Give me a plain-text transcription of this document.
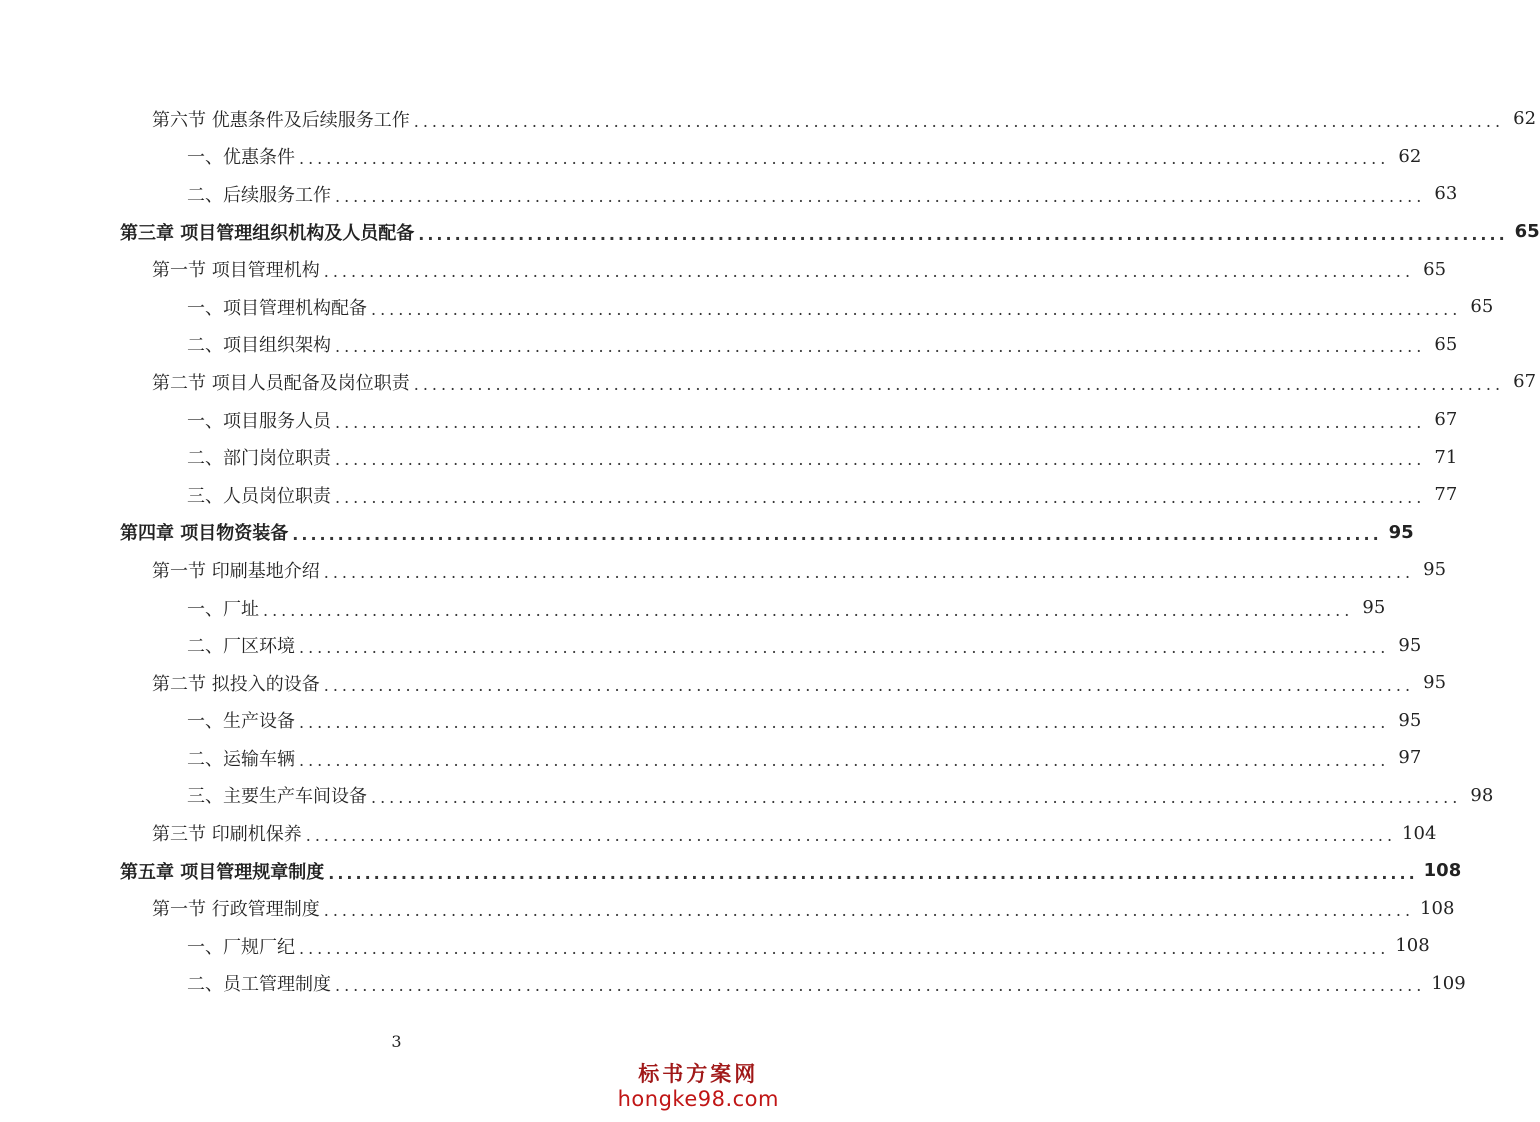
第六节 优惠条件及后续服务工作 ........................................................................................................................ 62
一、优惠条件 ........................................................................................................................ 62
二、后续服务工作 ........................................................................................................................ 63
第三章 项目管理组织机构及人员配备 ........................................................................................................................ 65
第一节 项目管理机构 ........................................................................................................................ 65
一、项目管理机构配备 ........................................................................................................................ 65
二、项目组织架构 ........................................................................................................................ 65
第二节 项目人员配备及岗位职责 ........................................................................................................................ 67
一、项目服务人员 ........................................................................................................................ 67
二、部门岗位职责 ........................................................................................................................ 71
三、人员岗位职责 ........................................................................................................................ 77
第四章 项目物资装备 ........................................................................................................................ 95
第一节 印刷基地介绍 ........................................................................................................................ 95
一、厂址 ........................................................................................................................ 95
二、厂区环境 ........................................................................................................................ 95
第二节 拟投入的设备 ........................................................................................................................ 95
一、生产设备 ........................................................................................................................ 95
二、运输车辆 ........................................................................................................................ 97
三、主要生产车间设备 ........................................................................................................................ 98
第三节 印刷机保养 ........................................................................................................................ 104
第五章 项目管理规章制度 ........................................................................................................................ 108
第一节 行政管理制度 ........................................................................................................................ 108
一、厂规厂纪 ........................................................................................................................ 108
二、员工管理制度 ........................................................................................................................ 109
3
标书方案网
hongke98.com
